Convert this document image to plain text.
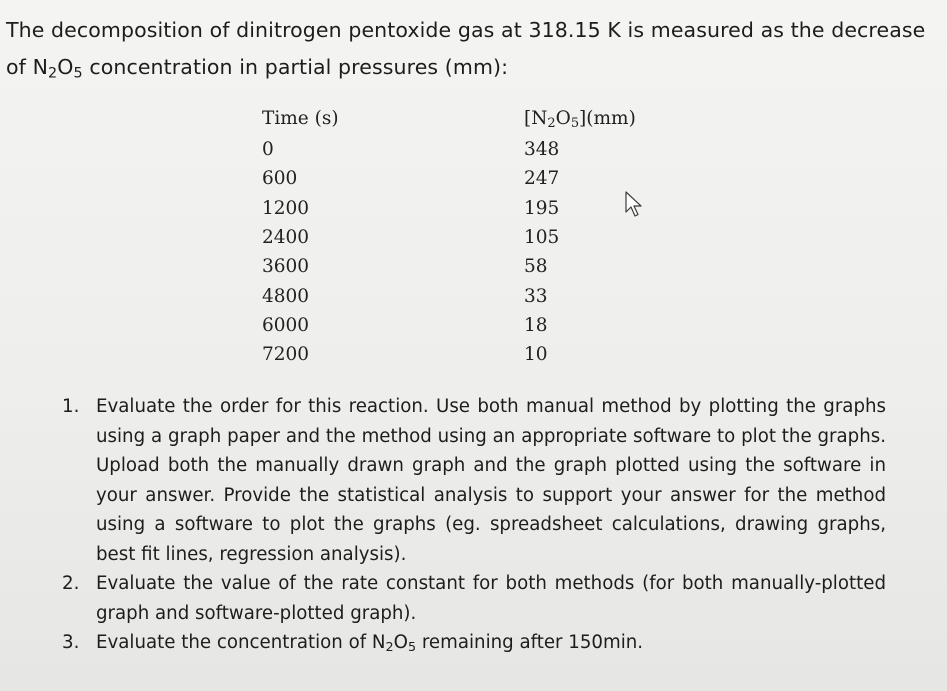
The decomposition of dinitrogen pentoxide gas at 318.15 K is measured as the decrease
of $N_2O_5$ concentration in partial pressures (mm):
Time (s)	$[N_2O_5](mm)$
0	348
600	247
1200	195
2400	105
3600	58
4800	33
6000	18
7200	10
1. Evaluate the order for this reaction. Use both manual method by plotting the graphs using a graph paper and the method using an appropriate software to plot the graphs. Upload both the manually drawn graph and the graph plotted using the software in your answer. Provide the statistical analysis to support your answer for the method using a software to plot the graphs (eg. spreadsheet calculations, drawing graphs, best fit lines, regression analysis).
2. Evaluate the value of the rate constant for both methods (for both manually-plotted graph and software-plotted graph).
3. Evaluate the concentration of $N_2O_5$ remaining after 150min.
